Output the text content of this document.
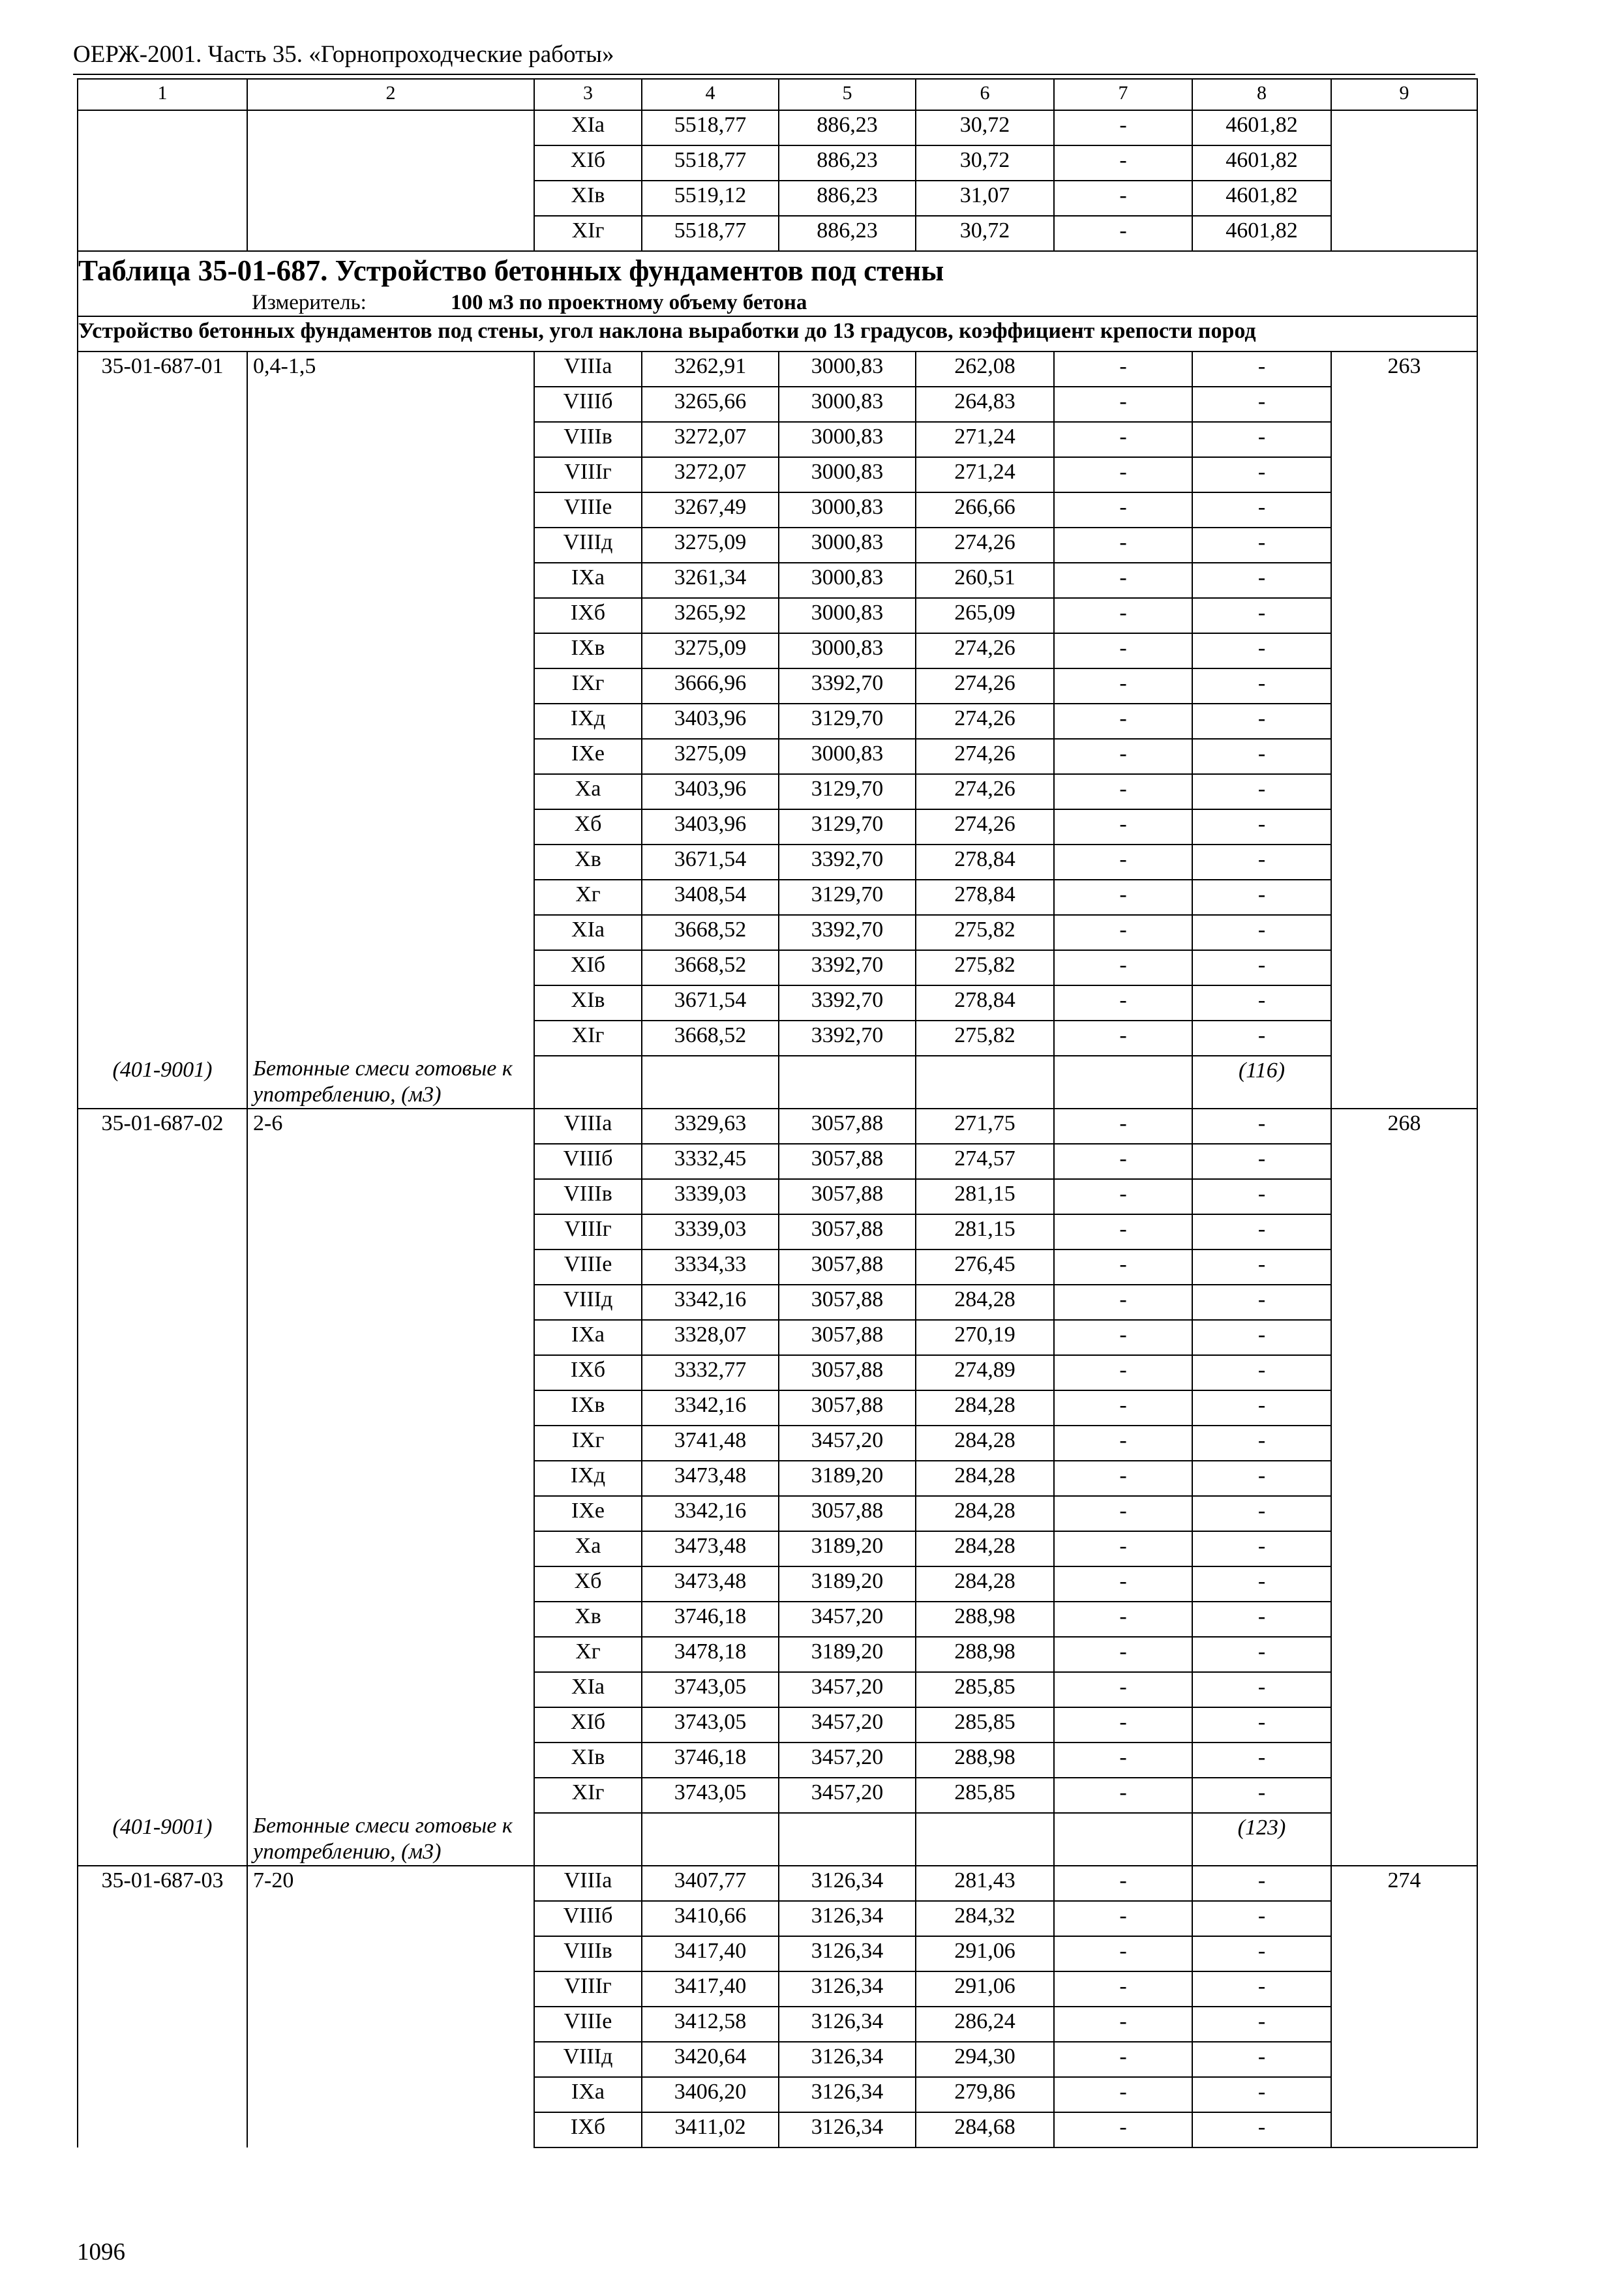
ОЕРЖ-2001. Часть 35. «Горнопроходческие работы»
1	2	3	4	5	6	7	8	9
		XIа	5518,77	886,23	30,72	-	4601,82	
		XIб	5518,77	886,23	30,72	-	4601,82	
		XIв	5519,12	886,23	31,07	-	4601,82	
		XIг	5518,77	886,23	30,72	-	4601,82	

Таблица 35-01-687. Устройство бетонных фундаментов под стены
Измеритель: 100 м3 по проектному объему бетона								

Устройство бетонных фундаментов под стены, угол наклона выработки до 13 градусов, коэффициент крепости пород								
35-01-687-01	0,4-1,5	VIIIа	3262,91	3000,83	262,08	-	-	263
		VIIIб	3265,66	3000,83	264,83	-	-	
		VIIIв	3272,07	3000,83	271,24	-	-	
		VIIIг	3272,07	3000,83	271,24	-	-	
		VIIIе	3267,49	3000,83	266,66	-	-	
		VIIIд	3275,09	3000,83	274,26	-	-	
		IXа	3261,34	3000,83	260,51	-	-	
		IXб	3265,92	3000,83	265,09	-	-	
		IXв	3275,09	3000,83	274,26	-	-	
		IXг	3666,96	3392,70	274,26	-	-	
		IXд	3403,96	3129,70	274,26	-	-	
		IXе	3275,09	3000,83	274,26	-	-	
		Xа	3403,96	3129,70	274,26	-	-	
		Xб	3403,96	3129,70	274,26	-	-	
		Xв	3671,54	3392,70	278,84	-	-	
		Xг	3408,54	3129,70	278,84	-	-	
		XIа	3668,52	3392,70	275,82	-	-	
		XIб	3668,52	3392,70	275,82	-	-	
		XIв	3671,54	3392,70	278,84	-	-	
		XIг	3668,52	3392,70	275,82	-	-	
(401-9001)	Бетонные смеси готовые к употреблению, (м3)						(116)	
35-01-687-02	2-6	VIIIа	3329,63	3057,88	271,75	-	-	268
		VIIIб	3332,45	3057,88	274,57	-	-	
		VIIIв	3339,03	3057,88	281,15	-	-	
		VIIIг	3339,03	3057,88	281,15	-	-	
		VIIIе	3334,33	3057,88	276,45	-	-	
		VIIIд	3342,16	3057,88	284,28	-	-	
		IXа	3328,07	3057,88	270,19	-	-	
		IXб	3332,77	3057,88	274,89	-	-	
		IXв	3342,16	3057,88	284,28	-	-	
		IXг	3741,48	3457,20	284,28	-	-	
		IXд	3473,48	3189,20	284,28	-	-	
		IXе	3342,16	3057,88	284,28	-	-	
		Xа	3473,48	3189,20	284,28	-	-	
		Xб	3473,48	3189,20	284,28	-	-	
		Xв	3746,18	3457,20	288,98	-	-	
		Xг	3478,18	3189,20	288,98	-	-	
		XIа	3743,05	3457,20	285,85	-	-	
		XIб	3743,05	3457,20	285,85	-	-	
		XIв	3746,18	3457,20	288,98	-	-	
		XIг	3743,05	3457,20	285,85	-	-	
(401-9001)	Бетонные смеси готовые к употреблению, (м3)						(123)	
35-01-687-03	7-20	VIIIа	3407,77	3126,34	281,43	-	-	274
		VIIIб	3410,66	3126,34	284,32	-	-	
		VIIIв	3417,40	3126,34	291,06	-	-	
		VIIIг	3417,40	3126,34	291,06	-	-	
		VIIIе	3412,58	3126,34	286,24	-	-	
		VIIIд	3420,64	3126,34	294,30	-	-	
		IXа	3406,20	3126,34	279,86	-	-	
		IXб	3411,02	3126,34	284,68	-	-	
1096
